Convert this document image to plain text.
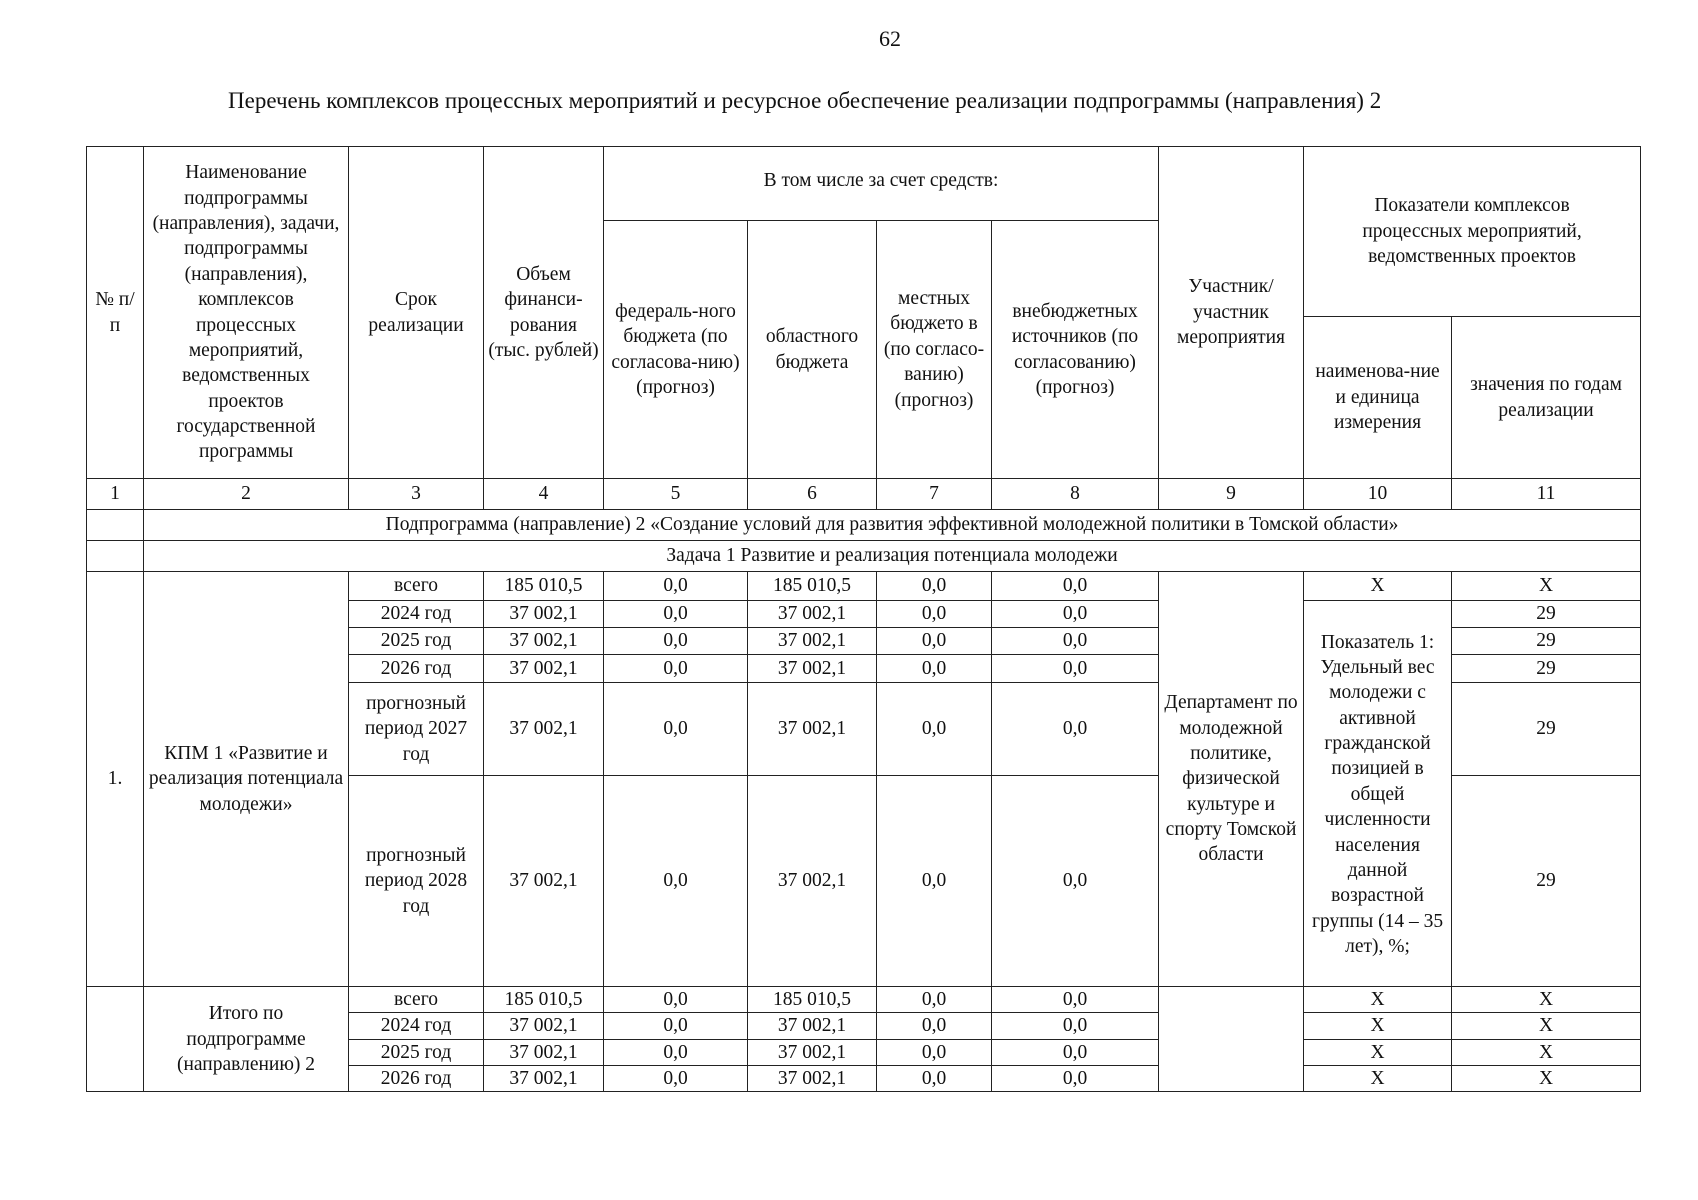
62
Перечень комплексов процессных мероприятий и ресурсное обеспечение реализации подпрограммы (направления) 2
№ п/п	Наименование подпрограммы (направления), задачи, подпрограммы (направления), комплексов процессных мероприятий, ведомственных проектов государственной программы	Срок реализации	Объем финанси-рования (тыс. рублей)	В том числе за счет средств:				Участник/ участник мероприятия	Показатели комплексов процессных мероприятий, ведомственных проектов	
				федераль-ного бюджета (по согласова-нию) (прогноз)	областного бюджета	местных бюджето в (по согласо-ванию) (прогноз)	внебюджетных источников (по согласованию) (прогноз)			
									наименова-ние и единица измерения	значения по годам реализации
1	2	3	4	5	6	7	8	9	10	11
	Подпрограмма (направление) 2 «Создание условий для развития эффективной молодежной политики в Томской области»									
	Задача 1 Развитие и реализация потенциала молодежи									
1.	КПМ 1 «Развитие и реализация потенциала молодежи»	всего	185 010,5	0,0	185 010,5	0,0	0,0	Департамент по молодежной политике, физической культуре и спорту Томской области	X	X
		2024 год	37 002,1	0,0	37 002,1	0,0	0,0		Показатель 1: Удельный вес молодежи с активной гражданской позицией в общей численности населения данной возрастной группы (14 – 35 лет), %;	29
		2025 год	37 002,1	0,0	37 002,1	0,0	0,0			29
		2026 год	37 002,1	0,0	37 002,1	0,0	0,0			29
		прогнозный период 2027 год	37 002,1	0,0	37 002,1	0,0	0,0			29
		прогнозный период 2028 год	37 002,1	0,0	37 002,1	0,0	0,0			29
	Итого по подпрограмме (направлению) 2	всего	185 010,5	0,0	185 010,5	0,0	0,0		X	X
		2024 год	37 002,1	0,0	37 002,1	0,0	0,0		X	X
		2025 год	37 002,1	0,0	37 002,1	0,0	0,0		X	X
		2026 год	37 002,1	0,0	37 002,1	0,0	0,0		X	X
